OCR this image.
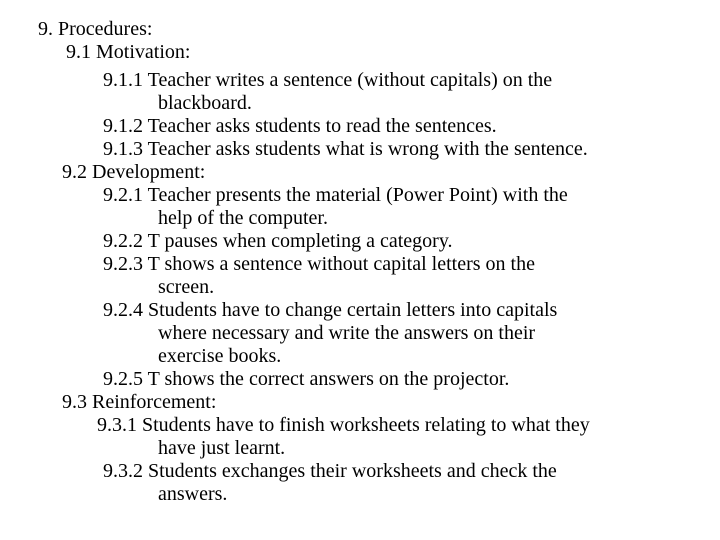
9. Procedures:
9.1 Motivation:
9.1.1 Teacher writes a sentence (without capitals) on the
blackboard.
9.1.2 Teacher asks students to read the sentences.
9.1.3 Teacher asks students what is wrong with the sentence.
9.2 Development:
9.2.1 Teacher presents the material (Power Point) with the
help of the computer.
9.2.2 T pauses when completing a category.
9.2.3 T shows a sentence without capital letters on the
screen.
9.2.4 Students have to change certain letters into capitals
where necessary and write the answers on their
exercise books.
9.2.5 T shows the correct answers on the projector.
9.3 Reinforcement:
9.3.1 Students have to finish worksheets relating to what they
have just learnt.
9.3.2 Students exchanges their worksheets and check the
answers.
